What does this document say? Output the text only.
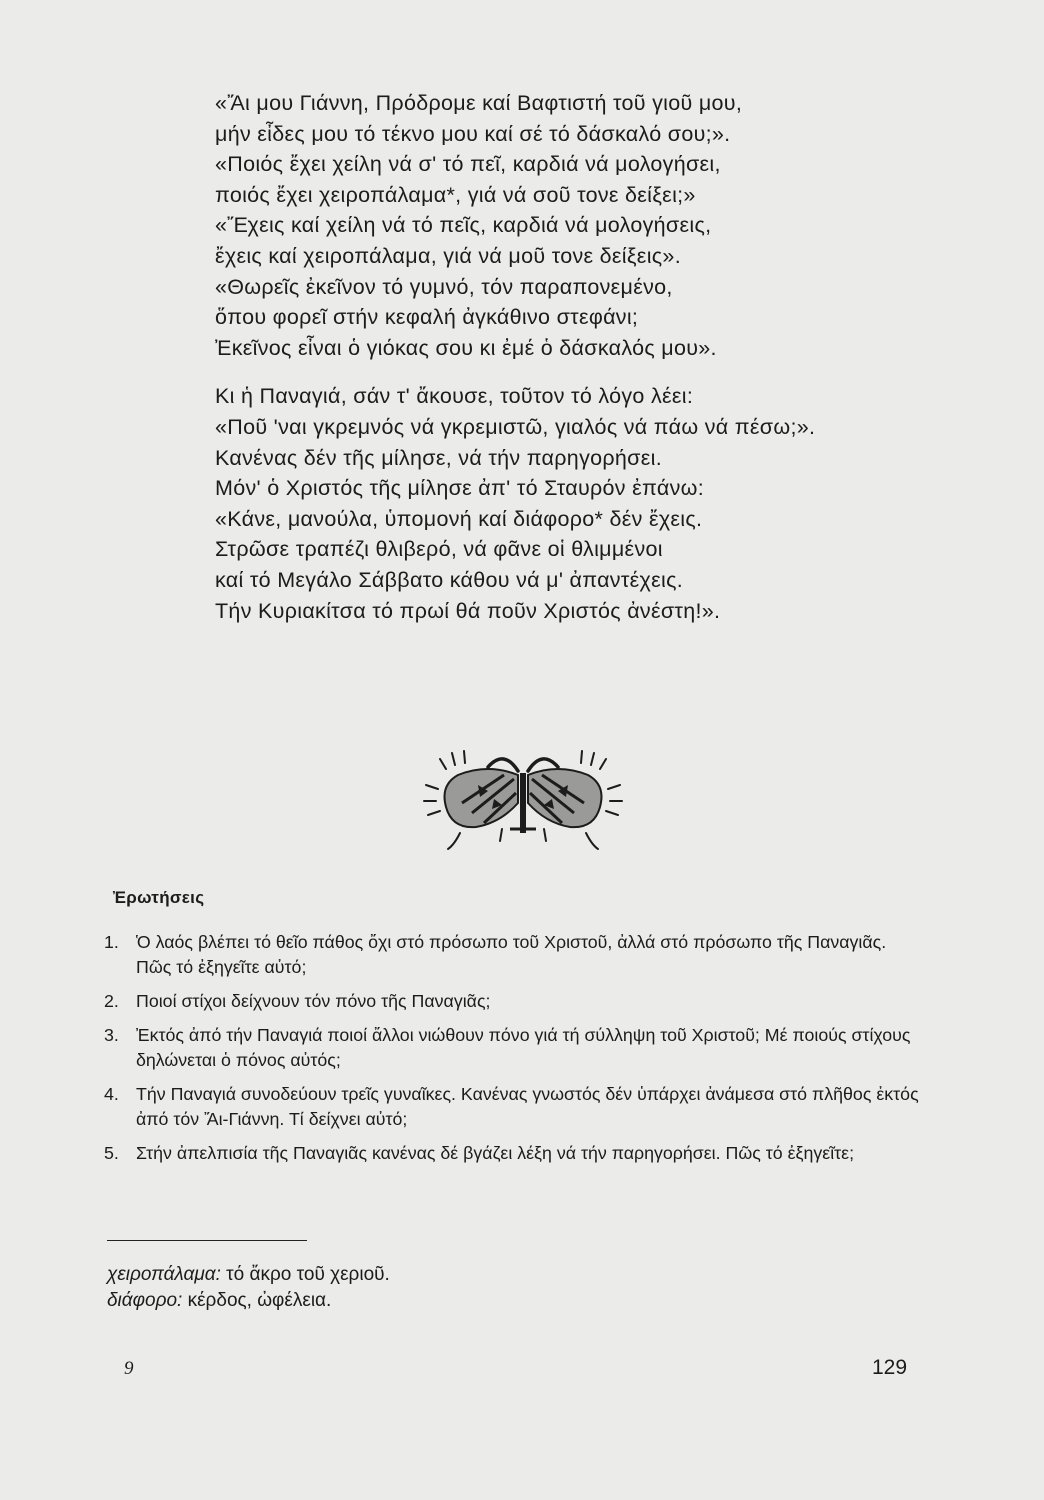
«Ἄι μου Γιάννη, Πρόδρομε καί Βαφτιστή τοῦ γιοῦ μου,
μήν εἶδες μου τό τέκνο μου καί σέ τό δάσκαλό σου;».
«Ποιός ἔχει χείλη νά σ' τό πεῖ, καρδιά νά μολογήσει,
ποιός ἔχει χειροπάλαμα*, γιά νά σοῦ τονε δείξει;»
«Ἔχεις καί χείλη νά τό πεῖς, καρδιά νά μολογήσεις,
ἔχεις καί χειροπάλαμα, γιά νά μοῦ τονε δείξεις».
«Θωρεῖς ἐκεῖνον τό γυμνό, τόν παραπονεμένο,
ὅπου φορεῖ στήν κεφαλή ἀγκάθινο στεφάνι;
Ἐκεῖνος εἶναι ὁ γιόκας σου κι ἐμέ ὁ δάσκαλός μου».
Κι ἡ Παναγιά, σάν τ' ἄκουσε, τοῦτον τό λόγο λέει:
«Ποῦ 'ναι γκρεμνός νά γκρεμιστῶ, γιαλός νά πάω νά πέσω;».
Κανένας δέν τῆς μίλησε, νά τήν παρηγορήσει.
Μόν' ὁ Χριστός τῆς μίλησε ἀπ' τό Σταυρόν ἐπάνω:
«Κάνε, μανούλα, ὑπομονή καί διάφορο* δέν ἔχεις.
Στρῶσε τραπέζι θλιβερό, νά φᾶνε οἱ θλιμμένοι
καί τό Μεγάλο Σάββατο κάθου νά μ' ἀπαντέχεις.
Τήν Κυριακίτσα τό πρωί θά ποῦν Χριστός ἀνέστη!».
Ἐρωτήσεις
1. Ὁ λαός βλέπει τό θεῖο πάθος ὄχι στό πρόσωπο τοῦ Χριστοῦ, ἀλλά στό πρόσωπο τῆς Παναγιᾶς. Πῶς τό ἐξηγεῖτε αὐτό;
2. Ποιοί στίχοι δείχνουν τόν πόνο τῆς Παναγιᾶς;
3. Ἐκτός ἀπό τήν Παναγιά ποιοί ἄλλοι νιώθουν πόνο γιά τή σύλληψη τοῦ Χριστοῦ; Μέ ποιούς στίχους δηλώνεται ὁ πόνος αὐτός;
4. Τήν Παναγιά συνοδεύουν τρεῖς γυναῖκες. Κανένας γνωστός δέν ὑπάρχει ἀνάμεσα στό πλῆθος ἐκτός ἀπό τόν Ἄι-Γιάννη. Τί δείχνει αὐτό;
5. Στήν ἀπελπισία τῆς Παναγιᾶς κανένας δέ βγάζει λέξη νά τήν παρηγορήσει. Πῶς τό ἐξηγεῖτε;
χειροπάλαμα: τό ἄκρο τοῦ χεριοῦ.
διάφορο: κέρδος, ὠφέλεια.
9	129
